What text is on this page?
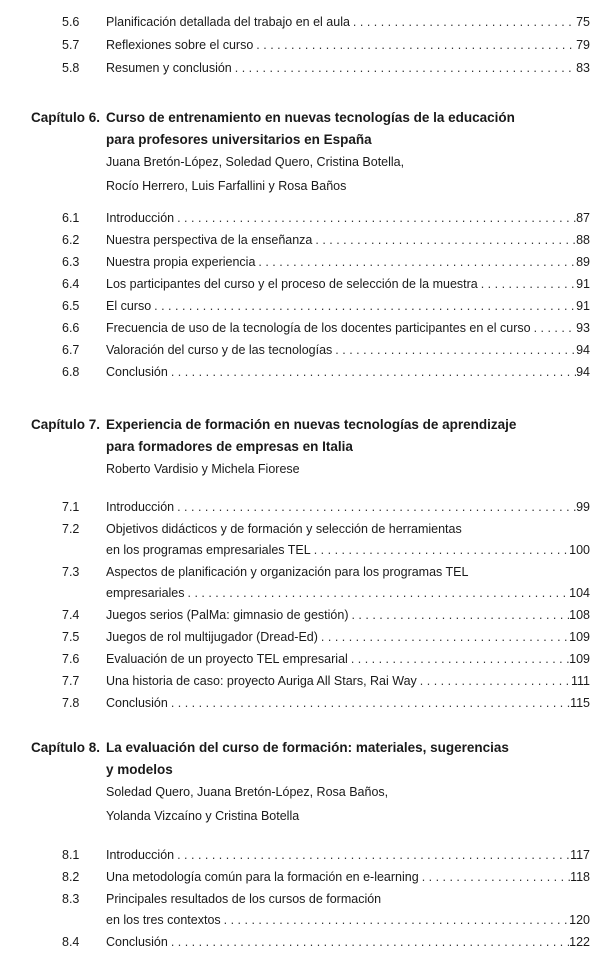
5.6 Planificación detallada del trabajo en el aula . . .	75
5.7 Reflexiones sobre el curso . . .	79
5.8 Resumen y conclusión . . .	83
Capítulo 6. Curso de entrenamiento en nuevas tecnologías de la educación
para profesores universitarios en España
Juana Bretón-López, Soledad Quero, Cristina Botella,
Rocío Herrero, Luis Farfallini y Rosa Baños
6.1 Introducción . . .	87
6.2 Nuestra perspectiva de la enseñanza . . .	88
6.3 Nuestra propia experiencia . . .	89
6.4 Los participantes del curso y el proceso de selección de la muestra . . .	91
6.5 El curso . . .	91
6.6 Frecuencia de uso de la tecnología de los docentes participantes en el curso . . .	93
6.7 Valoración del curso y de las tecnologías . . .	94
6.8 Conclusión . . .	94
Capítulo 7. Experiencia de formación en nuevas tecnologías de aprendizaje
para formadores de empresas en Italia
Roberto Vardisio y Michela Fiorese
7.1 Introducción . . .	99
7.2 Objetivos didácticos y de formación y selección de herramientas
en los programas empresariales TEL . . .	100
7.3 Aspectos de planificación y organización para los programas TEL
empresariales . . .	104
7.4 Juegos serios (PalMa: gimnasio de gestión) . . .	108
7.5 Juegos de rol multijugador (Dread-Ed) . . .	109
7.6 Evaluación de un proyecto TEL empresarial . . .	109
7.7 Una historia de caso: proyecto Auriga All Stars, Rai Way . . .	111
7.8 Conclusión . . .	115
Capítulo 8. La evaluación del curso de formación: materiales, sugerencias
y modelos
Soledad Quero, Juana Bretón-López, Rosa Baños,
Yolanda Vizcaíno y Cristina Botella
8.1 Introducción . . .	117
8.2 Una metodología común para la formación en e-learning . . .	118
8.3 Principales resultados de los cursos de formación
en los tres contextos . . .	120
8.4 Conclusión . . .	122
